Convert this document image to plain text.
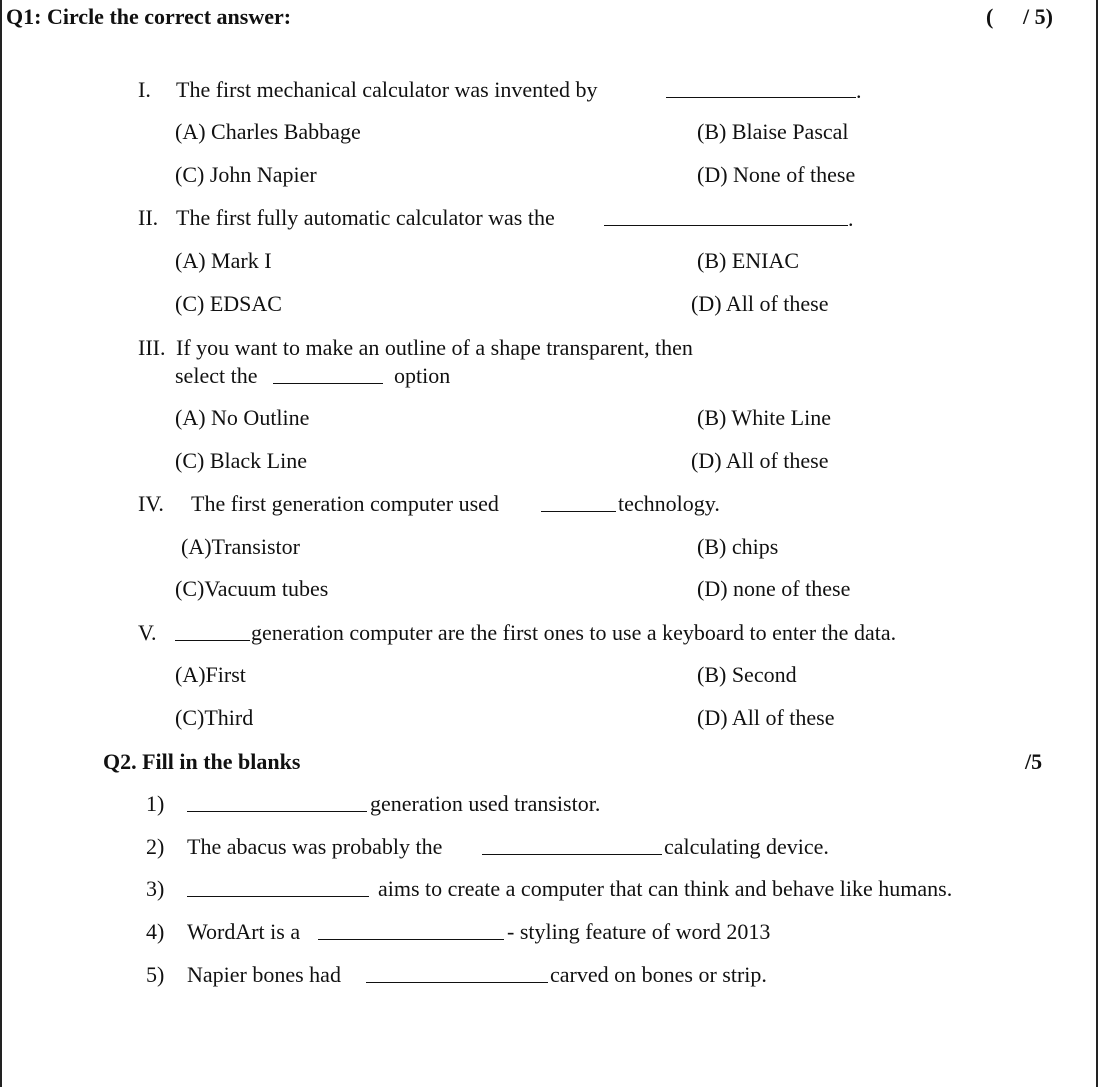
Q1: Circle the correct answer:	( / 5)
I. The first mechanical calculator was invented by	.
(A) Charles Babbage	(B) Blaise Pascal
(C) John Napier	(D) None of these
II. The first fully automatic calculator was the	.
(A) Mark I	(B) ENIAC
(C) EDSAC	(D) All of these
III. If you want to make an outline of a shape transparent, then
select the	option
(A) No Outline	(B) White Line
(C) Black Line	(D) All of these
IV. The first generation computer used	technology.
(A)Transistor	(B) chips
(C)Vacuum tubes	(D) none of these
V.	generation computer are the first ones to use a keyboard to enter the data.
(A)First	(B) Second
(C)Third	(D) All of these
Q2. Fill in the blanks	/5
1)	generation used transistor.
2) The abacus was probably the	calculating device.
3)	aims to create a computer that can think and behave like humans.
4) WordArt is a	- styling feature of word 2013
5) Napier bones had	carved on bones or strip.
